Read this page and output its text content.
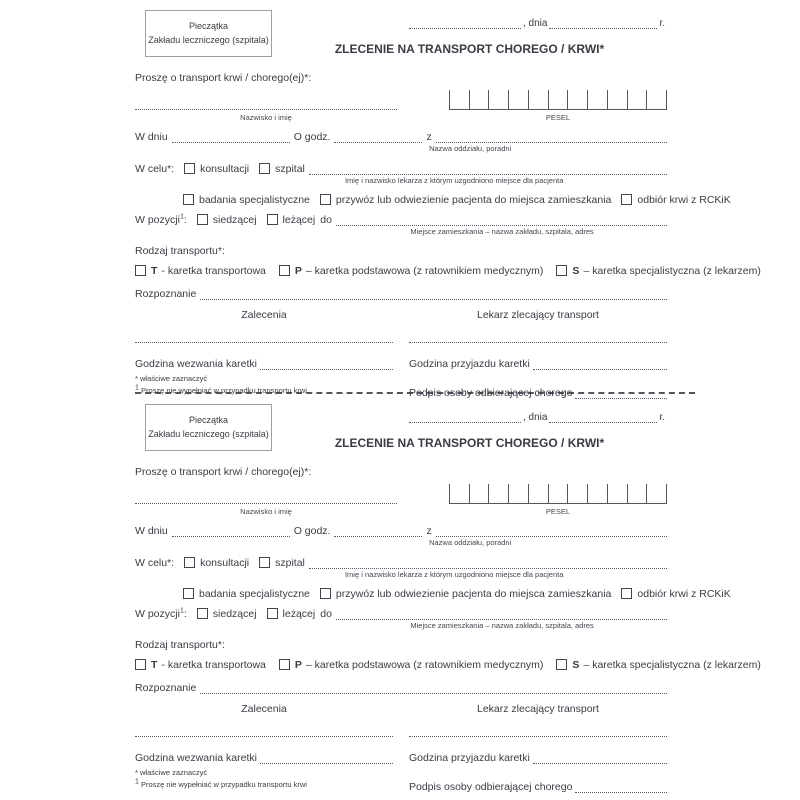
Pieczątka
Zakładu leczniczego (szpitala)
, dnia	r.
ZLECENIE NA TRANSPORT CHOREGO / KRWI*
Proszę o transport krwi / chorego(ej)*:
Nazwisko i imię	PESEL
W dniu	O godz.	z
Nazwa oddziału, poradni
W celu*: konsultacji szpital
Imię i nazwisko lekarza z którym uzgodniono miejsce dla pacjenta
badania specjalistyczne przywóz lub odwiezienie pacjenta do miejsca zamieszkania odbiór krwi z RCKiK
W pozycji$^1$: siedzącej leżącej do
Miejsce zamieszkania – nazwa zakładu, szpitala, adres
Rodzaj transportu*:
T - karetka transportowa	P – karetka podstawowa (z ratownikiem medycznym)	S – karetka specjalistyczna (z lekarzem)
Rozpoznanie
Zalecenia
Godzina wezwania karetki
* właściwe zaznaczyć
$^1$ Proszę nie wypełniać w przypadku transportu krwi
Lekarz zlecający transport
Godzina przyjazdu karetki
Podpis osoby odbierającej chorego
Pieczątka
Zakładu leczniczego (szpitala)
, dnia	r.
ZLECENIE NA TRANSPORT CHOREGO / KRWI*
Proszę o transport krwi / chorego(ej)*:
Nazwisko i imię	PESEL
W dniu	O godz.	z
Nazwa oddziału, poradni
W celu*: konsultacji szpital
Imię i nazwisko lekarza z którym uzgodniono miejsce dla pacjenta
badania specjalistyczne przywóz lub odwiezienie pacjenta do miejsca zamieszkania odbiór krwi z RCKiK
W pozycji$^1$: siedzącej leżącej do
Miejsce zamieszkania – nazwa zakładu, szpitala, adres
Rodzaj transportu*:
T - karetka transportowa	P – karetka podstawowa (z ratownikiem medycznym)	S – karetka specjalistyczna (z lekarzem)
Rozpoznanie
Zalecenia
Godzina wezwania karetki
* właściwe zaznaczyć
$^1$ Proszę nie wypełniać w przypadku transportu krwi
Lekarz zlecający transport
Godzina przyjazdu karetki
Podpis osoby odbierającej chorego
